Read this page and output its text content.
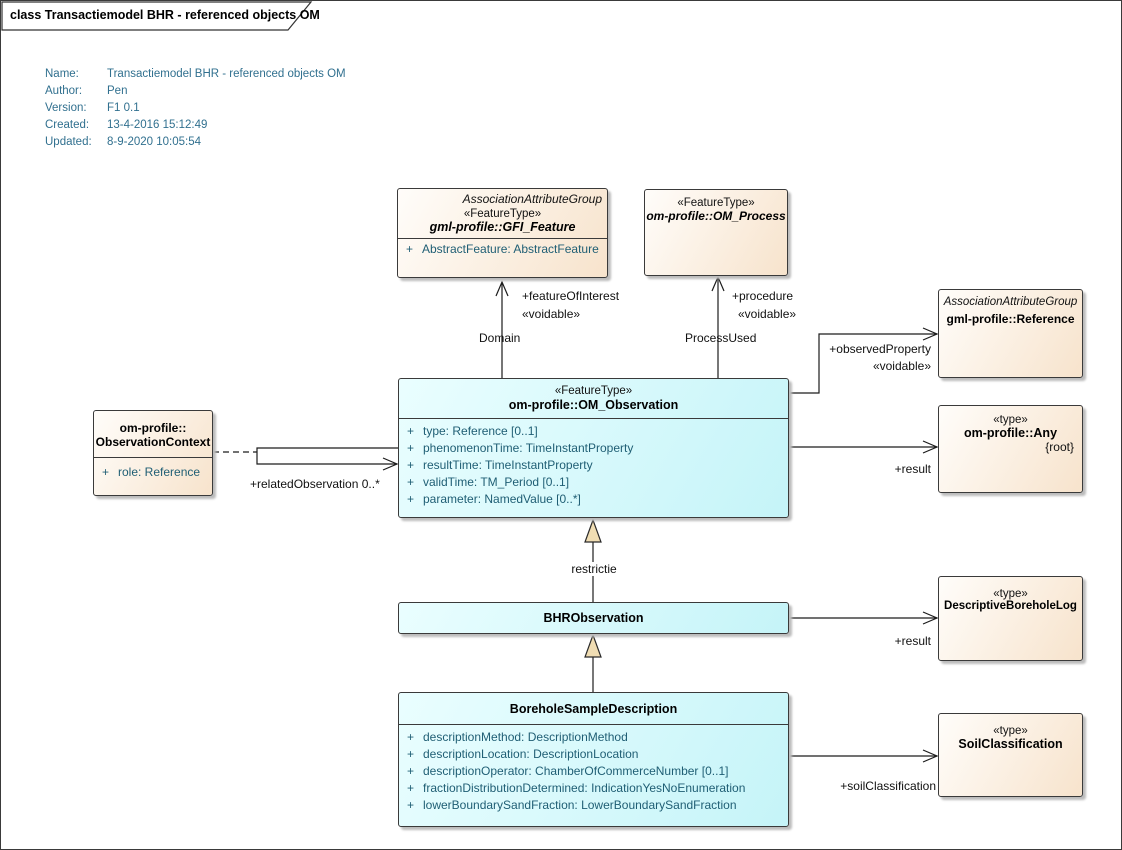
class Transactiemodel BHR - referenced objects OM
Name:	Transactiemodel BHR - referenced objects OM
Author:	Pen
Version:	F1 0.1
Created:	13-4-2016 15:12:49
Updated:	8-9-2020 10:05:54
AssociationAttributeGroup
«FeatureType»
gml-profile::GFI_Feature
+ AbstractFeature: AbstractFeature
«FeatureType»
om-profile::OM_Process
AssociationAttributeGroup
gml-profile::Reference
«type»
om-profile::Any
{root}
«FeatureType»
om-profile::OM_Observation
+ type: Reference [0..1]
+ phenomenonTime: TimeInstantProperty
+ resultTime: TimeInstantProperty
+ validTime: TM_Period [0..1]
+ parameter: NamedValue [0..*]
om-profile::
ObservationContext
+ role: Reference
BHRObservation
«type»
DescriptiveBoreholeLog
BoreholeSampleDescription
+ descriptionMethod: DescriptionMethod
+ descriptionLocation: DescriptionLocation
+ descriptionOperator: ChamberOfCommerceNumber [0..1]
+ fractionDistributionDetermined: IndicationYesNoEnumeration
+ lowerBoundarySandFraction: LowerBoundarySandFraction
«type»
SoilClassification
+featureOfInterest
«voidable»
Domain
+procedure
«voidable»
ProcessUsed
+observedProperty
«voidable»
+result
+relatedObservation 0..*
restrictie
+result
+soilClassification
